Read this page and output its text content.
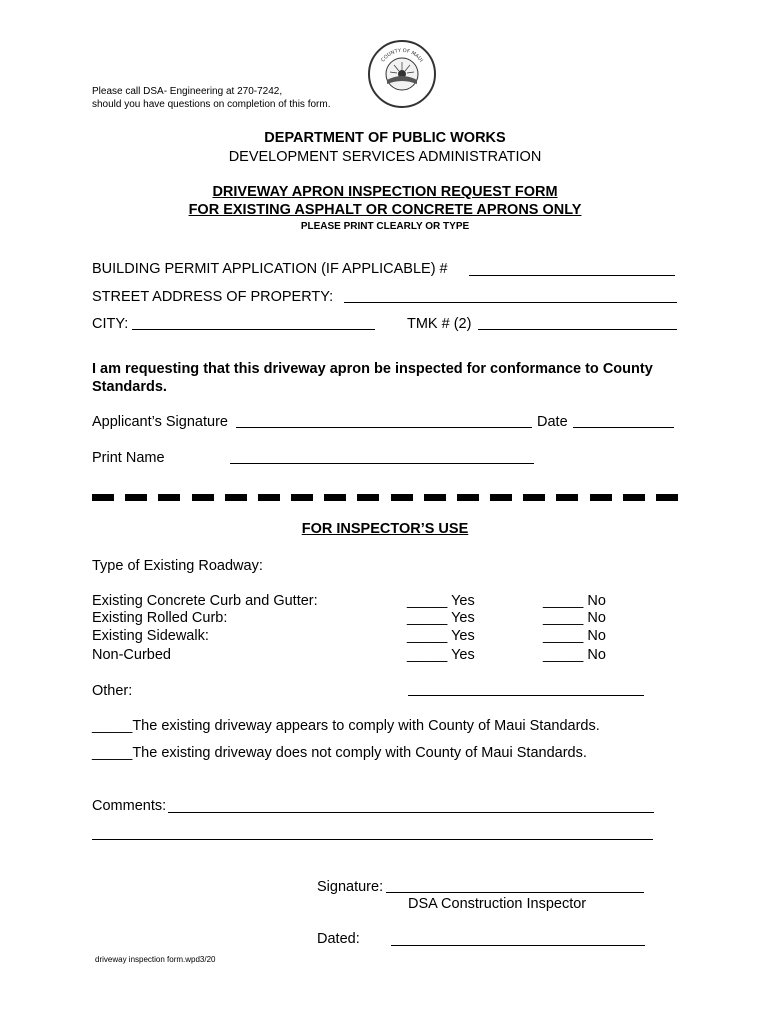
Please call DSA- Engineering at 270-7242,
should you have questions on completion of this form.
COUNTY OF MAUI
DEPARTMENT OF PUBLIC WORKS
DEVELOPMENT SERVICES ADMINISTRATION
DRIVEWAY APRON INSPECTION REQUEST FORM
FOR EXISTING ASPHALT OR CONCRETE APRONS ONLY
PLEASE PRINT CLEARLY OR TYPE
BUILDING PERMIT APPLICATION (IF APPLICABLE) #
STREET ADDRESS OF PROPERTY:
CITY:	TMK # (2)
I am requesting that this driveway apron be inspected for conformance to County
Standards.
Applicant’s Signature	Date
Print Name
FOR INSPECTOR’S USE
Type of Existing Roadway:
Existing Concrete Curb and Gutter:	_____ Yes	_____ No
Existing Rolled Curb:	_____ Yes	_____ No
Existing Sidewalk:	_____ Yes	_____ No
Non-Curbed	_____ Yes	_____ No
Other:
_____The existing driveway appears to comply with County of Maui Standards.
_____The existing driveway does not comply with County of Maui Standards.
Comments:
Signature:
DSA Construction Inspector
Dated:
driveway inspection form.wpd3/20
